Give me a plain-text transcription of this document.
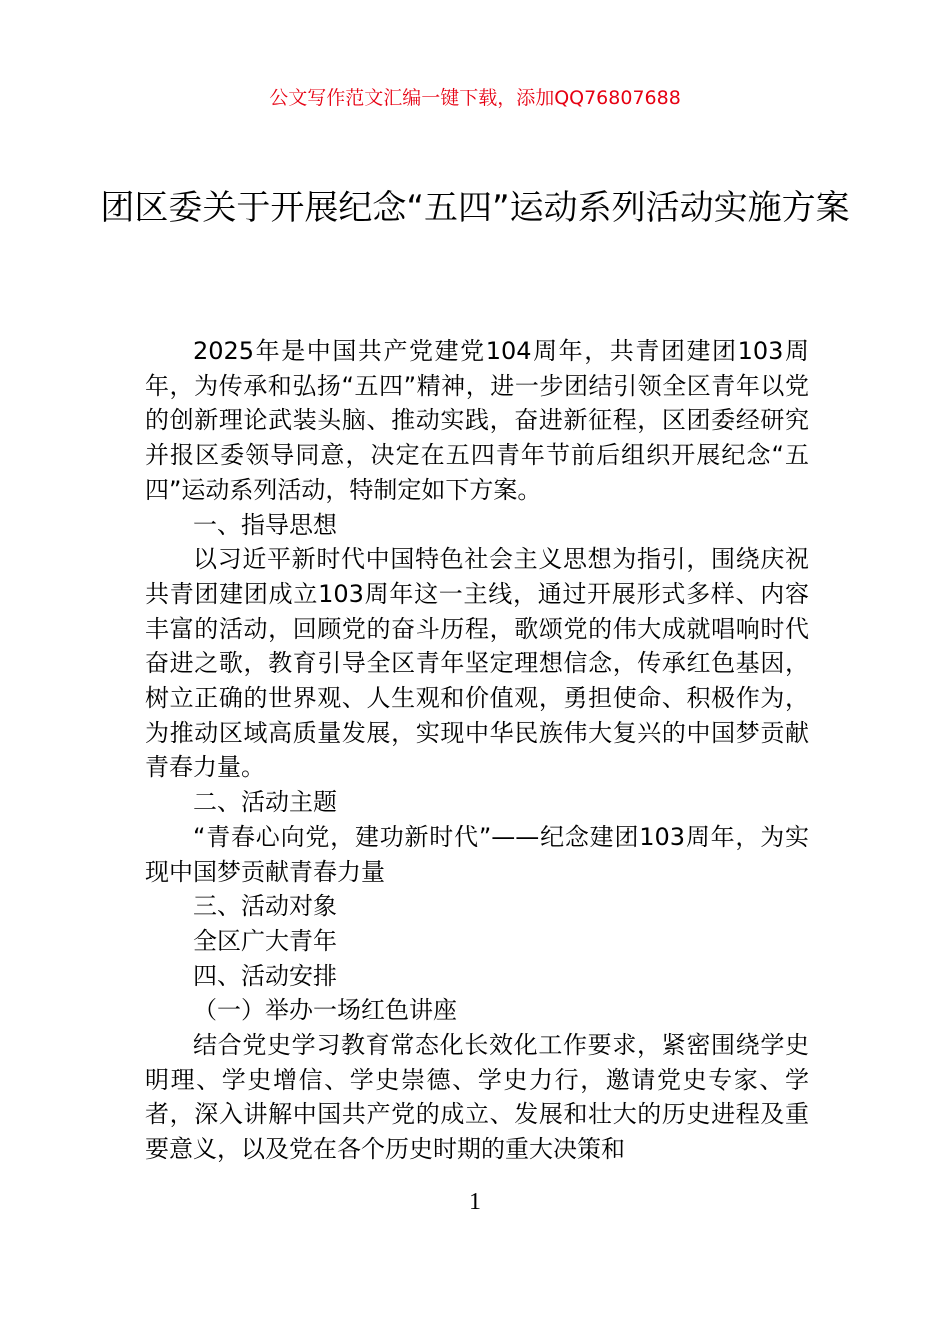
公文写作范文汇编一键下载，添加QQ76807688
团区委关于开展纪念“五四”运动系列活动实施方案

2025年是中国共产党建党104周年，共青团建团103周年，为传承和弘扬“五四”精神，进一步团结引领全区青年以党的创新理论武装头脑、推动实践，奋进新征程，区团委经研究并报区委领导同意，决定在五四青年节前后组织开展纪念“五四”运动系列活动，特制定如下方案。

一、指导思想

以习近平新时代中国特色社会主义思想为指引，围绕庆祝共青团建团成立103周年这一主线，通过开展形式多样、内容丰富的活动，回顾党的奋斗历程，歌颂党的伟大成就唱响时代奋进之歌，教育引导全区青年坚定理想信念，传承红色基因，树立正确的世界观、人生观和价值观，勇担使命、积极作为，为推动区域高质量发展，实现中华民族伟大复兴的中国梦贡献青春力量。

二、活动主题

“青春心向党，建功新时代”——纪念建团103周年，为实现中国梦贡献青春力量

三、活动对象

全区广大青年

四、活动安排

（一）举办一场红色讲座

结合党史学习教育常态化长效化工作要求，紧密围绕学史明理、学史增信、学史崇德、学史力行，邀请党史专家、学者，深入讲解中国共产党的成立、发展和壮大的历史进程及重要意义，以及党在各个历史时期的重大决策和

1
